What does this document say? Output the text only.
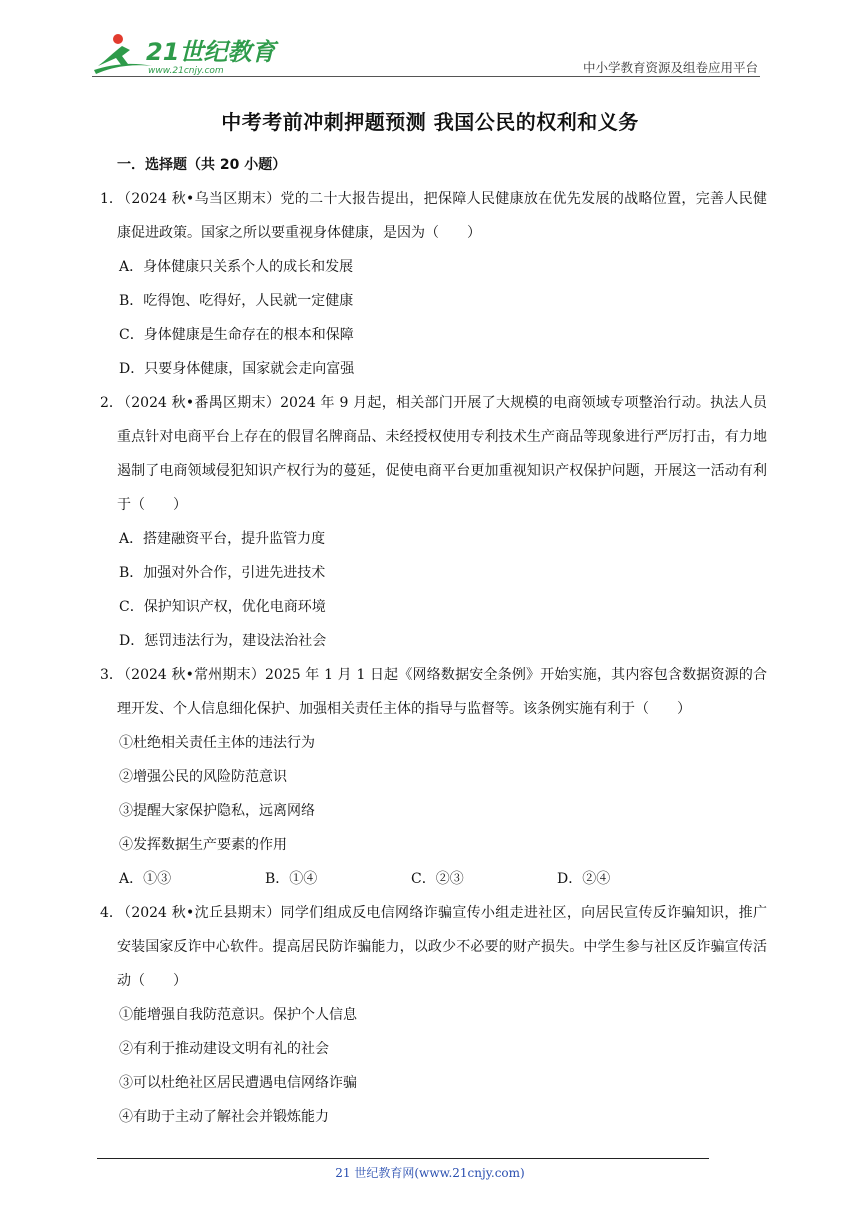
21世纪教育
www.21cnjy.com	中小学教育资源及组卷应用平台
中考考前冲刺押题预测 我国公民的权利和义务
一．选择题（共 20 小题）
1．
（2024 秋•乌当区期末）党的二十大报告提出，把保障人民健康放在优先发展的战略位置，完善人民健康促进政策。国家之所以要重视身体健康，是因为（　　）
A．身体健康只关系个人的成长和发展
B．吃得饱、吃得好，人民就一定健康
C．身体健康是生命存在的根本和保障
D．只要身体健康，国家就会走向富强
2．
（2024 秋•番禺区期末）2024 年 9 月起，相关部门开展了大规模的电商领域专项整治行动。执法人员重点针对电商平台上存在的假冒名牌商品、未经授权使用专利技术生产商品等现象进行严厉打击，有力地遏制了电商领域侵犯知识产权行为的蔓延，促使电商平台更加重视知识产权保护问题，开展这一活动有利于（　　）
A．搭建融资平台，提升监管力度
B．加强对外合作，引进先进技术
C．保护知识产权，优化电商环境
D．惩罚违法行为，建设法治社会
3．
（2024 秋•常州期末）2025 年 1 月 1 日起《网络数据安全条例》开始实施，其内容包含数据资源的合理开发、个人信息细化保护、加强相关责任主体的指导与监督等。该条例实施有利于（　　）
①杜绝相关责任主体的违法行为
②增强公民的风险防范意识
③提醒大家保护隐私，远离网络
④发挥数据生产要素的作用
A．①③	B．①④	C．②③	D．②④
4．
（2024 秋•沈丘县期末）同学们组成反电信网络诈骗宣传小组走进社区，向居民宣传反诈骗知识，推广安装国家反诈中心软件。提高居民防诈骗能力，以政少不必要的财产损失。中学生参与社区反诈骗宣传活动（　　）
①能增强自我防范意识。保护个人信息
②有利于推动建设文明有礼的社会
③可以杜绝社区居民遭遇电信网络诈骗
④有助于主动了解社会并锻炼能力
21 世纪教育网(www.21cnjy.com)
